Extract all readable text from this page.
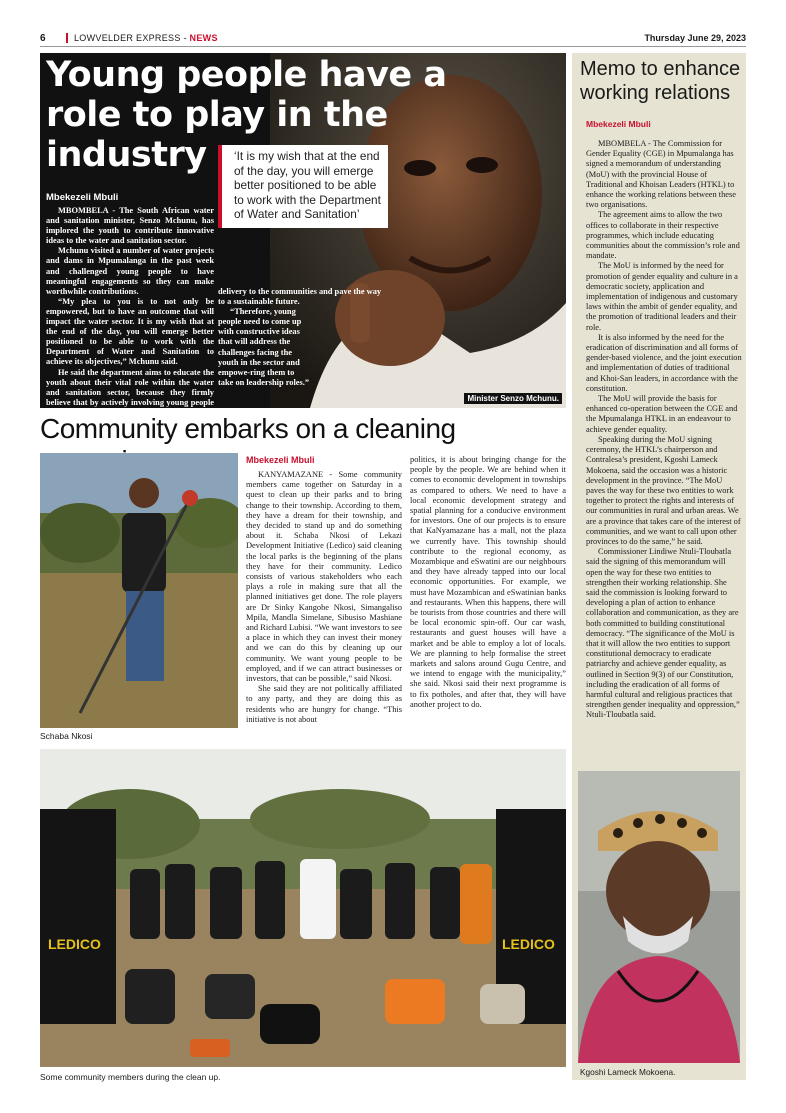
6	LOWVELDER EXPRESS - NEWS	Thursday June 29, 2023
Young people have a role to play in the industry
Mbekezeli Mbuli

MBOMBELA - The South African water and sanitation minister, Senzo Mchunu, has implored the youth to contribute innovative ideas to the water and sanitation sector.

Mchunu visited a number of water projects and dams in Mpumalanga in the past week and challenged young people to have meaningful engagements so they can make worthwhile contributions.

“My plea to you is to not only be empowered, but to have an outcome that will impact the water sector. It is my wish that at the end of the day, you will emerge better positioned to be able to work with the Department of Water and Sanitation to achieve its objectives,” Mchunu said.

He said the department aims to educate the youth about their vital role within the water and sanitation sector, because they firmly believe that by actively involving young people

‘It is my wish that at the end of the day, you will emerge better positioned to be able to work with the Department of Water and Sanitation’

delivery to the communities and pave the way to a sustainable future.

“Therefore, young people need to come up with constructive ideas that will address the challenges facing the youth in the sector and empowe-ring them to take on leadership roles.”

Minister Senzo Mchunu.
Community embarks on a cleaning
Schaba Nkosi
Mbekezeli Mbuli

KANYAMAZANE - Some community members came together on Saturday in a quest to clean up their parks and to bring change to their township. According to them, they have a dream for their township, and they decided to stand up and do something about it. Schaba Nkosi of Lekazi Development Initiative (Ledico) said cleaning the local parks is the beginning of the plans they have for their community. Ledico consists of various stakeholders who each plays a role in making sure that all the planned initiatives get done. The role players are Dr Sinky Kangobe Nkosi, Simangaliso Mpila, Mandla Simelane, Sibusiso Mashiane and Richard Lubisi. “We want investors to see a place in which they can invest their money and we can do this by cleaning up our community. We want young people to be employed, and if we can attract businesses or investors, that can be possible,” said Nkosi.

She said they are not politically affiliated to any party, and they are doing this as residents who are hungry for change. “This initiative is not about

politics, it is about bringing change for the people by the people. We are behind when it comes to economic development in townships as compared to others. We need to have a local economic development strategy and spatial planning for a conducive environment for investors. One of our projects is to ensure that KaNyamazane has a mall, not the plaza we currently have. This township should contribute to the regional economy, as Mozambique and eSwatini are our neighbours and they have already tapped into our local economic opportunities. For example, we must have Mozambican and eSwatinian banks and restaurants. When this happens, there will be tourists from those countries and there will be local economic spin-off. Our car wash, restaurants and guest houses will have a market and be able to employ a lot of locals. We are planning to help formalise the street markets and salons around Gugu Centre, and we intend to engage with the municipality,” she said. Nkosi said their next programme is to fix potholes, and after that, they will have another project to do.

LEDICO	LEDICO
Some community members during the clean up.
Memo to enhance working relations
Mbekezeli Mbuli

MBOMBELA - The Commission for Gender Equality (CGE) in Mpumalanga has signed a memorandum of understanding (MoU) with the provincial House of Traditional and Khoisan Leaders (HTKL) to enhance the working relations between these two organisations.

The agreement aims to allow the two offices to collaborate in their respective programmes, which include educating communities about the commission’s role and mandate.

The MoU is informed by the need for promotion of gender equality and culture in a democratic society, application and implementation of indigenous and customary laws within the ambit of gender equality, and the promotion of traditional leaders and their role.

It is also informed by the need for the eradication of discrimination and all forms of gender-based violence, and the joint execution and implementation of duties of traditional and Khoi-San leaders, in accordance with the constitution.

The MoU will provide the basis for enhanced co-operation between the CGE and the Mpumalanga HTKL in an endeavour to achieve gender equality.

Speaking during the MoU signing ceremony, the HTKL’s chairperson and Contralesa’s president, Kgoshi Lameck Mokoena, said the occasion was a historic development in the province. “The MoU paves the way for these two entities to work together to protect the rights and interests of our communities in rural and urban areas. We are a province that takes care of the interest of communities, and we want to call upon other provinces to do the same,” he said.

Commissioner Lindiwe Ntuli-Tloubatla said the signing of this memorandum will open the way for these two entities to strengthen their working relationship. She said the commission is looking forward to developing a plan of action to enhance collaboration and communication, as they are both committed to building constitutional democracy. “The significance of the MoU is that it will allow the two entities to support constitutional democracy to eradicate patriarchy and achieve gender equality, as outlined in Section 9(3) of our Constitution, including the eradication of all forms of harmful cultural and religious practices that strengthen gender inequality and oppression,” Ntuli-Tloubatla said.

Kgoshi Lameck Mokoena.
